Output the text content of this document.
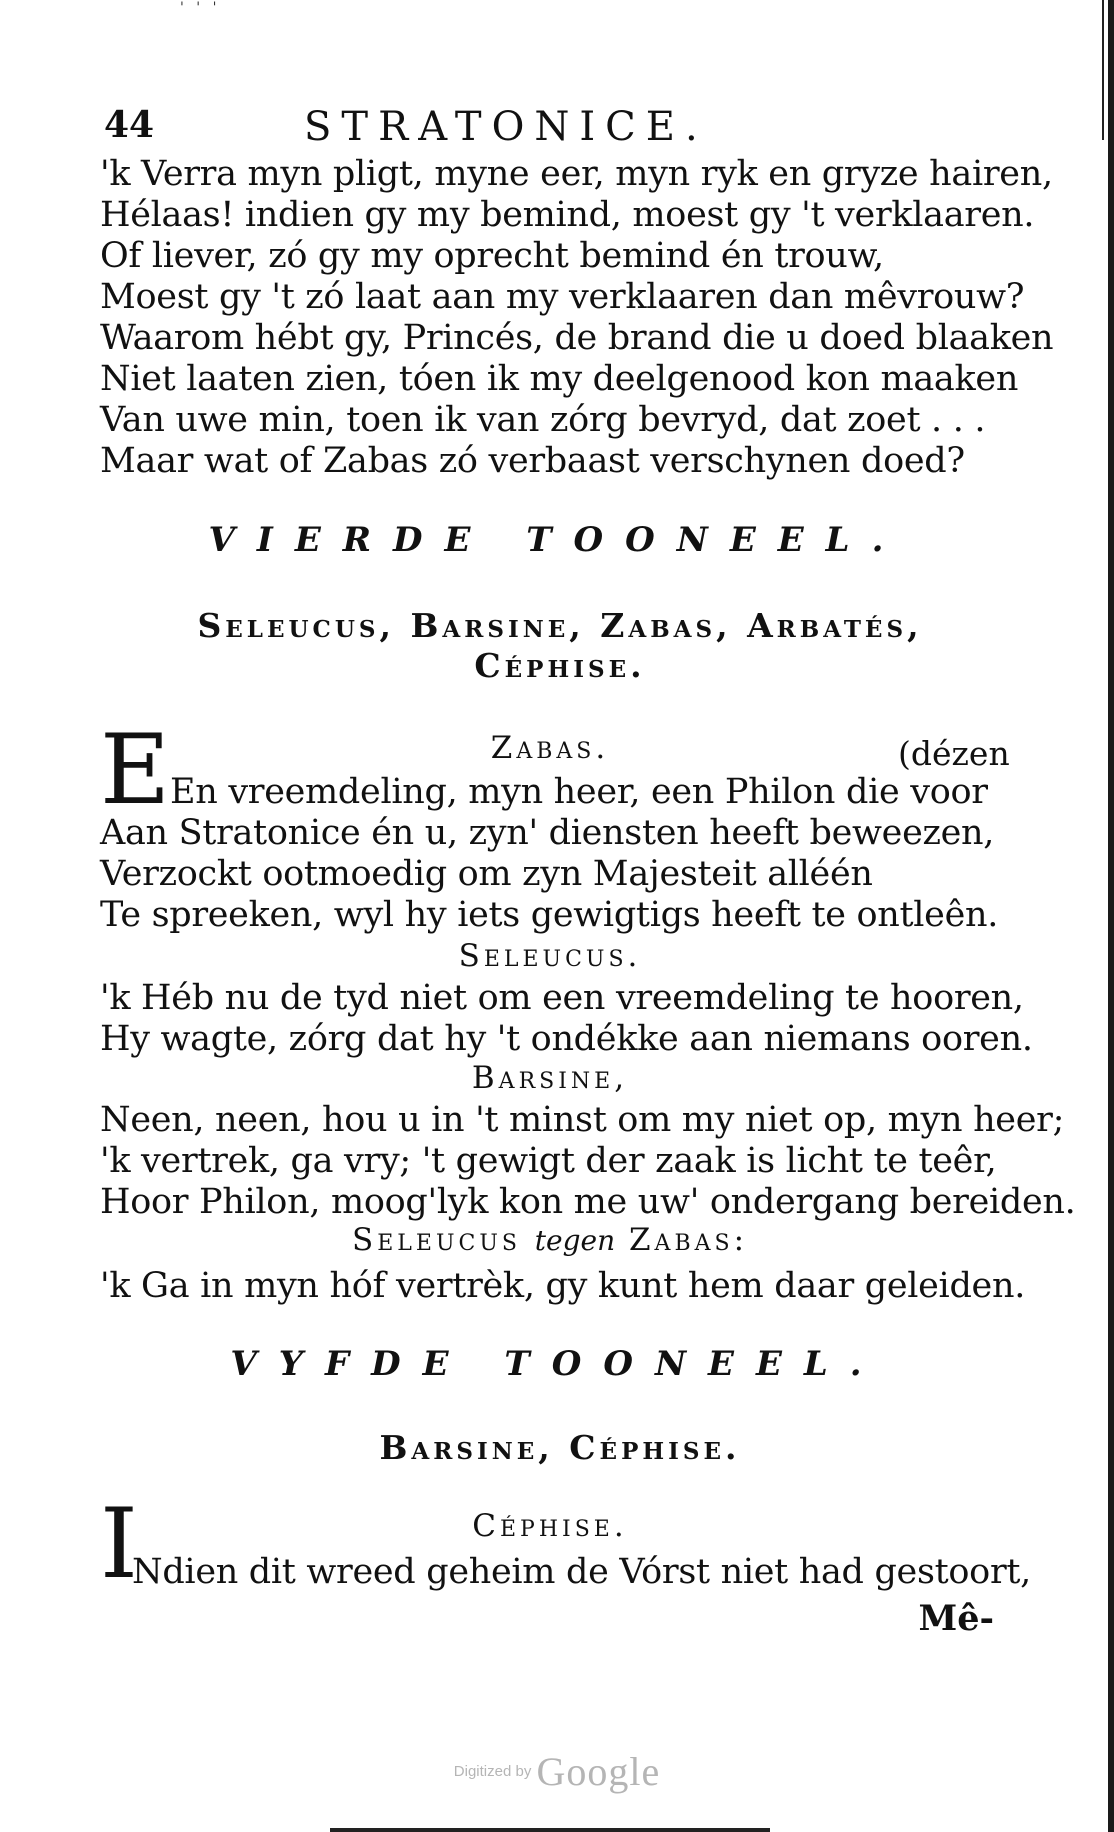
' ' '
44	STRATONICE.
'k Verra myn pligt, myne eer, myn ryk en gryze hairen,
Hélaas! indien gy my bemind, moest gy 't verklaaren.
Of liever, zó gy my oprecht bemind én trouw,
Moest gy 't zó laat aan my verklaaren dan mêvrouw?
Waarom hébt gy, Princés, de brand die u doed blaaken
Niet laaten zien, tóen ik my deelgenood kon maaken
Van uwe min, toen ik van zórg bevryd, dat zoet . . .
Maar wat of Zabas zó verbaast verschynen doed?
VIERDE TOONEEL.
Seleucus, Barsine, Zabas, Arbatés,
Céphise.
E	Zabas.	(dézen
En vreemdeling, myn heer, een Philon die voor
Aan Stratonice én u, zyn' diensten heeft beweezen,
Verzockt ootmoedig om zyn Majesteit alléén
Te spreeken, wyl hy iets gewigtigs heeft te ontleên.
Seleucus.
'k Héb nu de tyd niet om een vreemdeling te hooren,
Hy wagte, zórg dat hy 't ondékke aan niemans ooren.
Barsine,
Neen, neen, hou u in 't minst om my niet op, myn heer;
'k vertrek, ga vry; 't gewigt der zaak is licht te teêr,
Hoor Philon, moog'lyk kon me uw' ondergang bereiden.
Seleucus tegen Zabas:
'k Ga in myn hóf vertrèk, gy kunt hem daar geleiden.
VYFDE TOONEEL.
Barsine, Céphise.
I	Céphise.
Ndien dit wreed geheim de Vórst niet had gestoort,
Mê-
Digitized by Google
